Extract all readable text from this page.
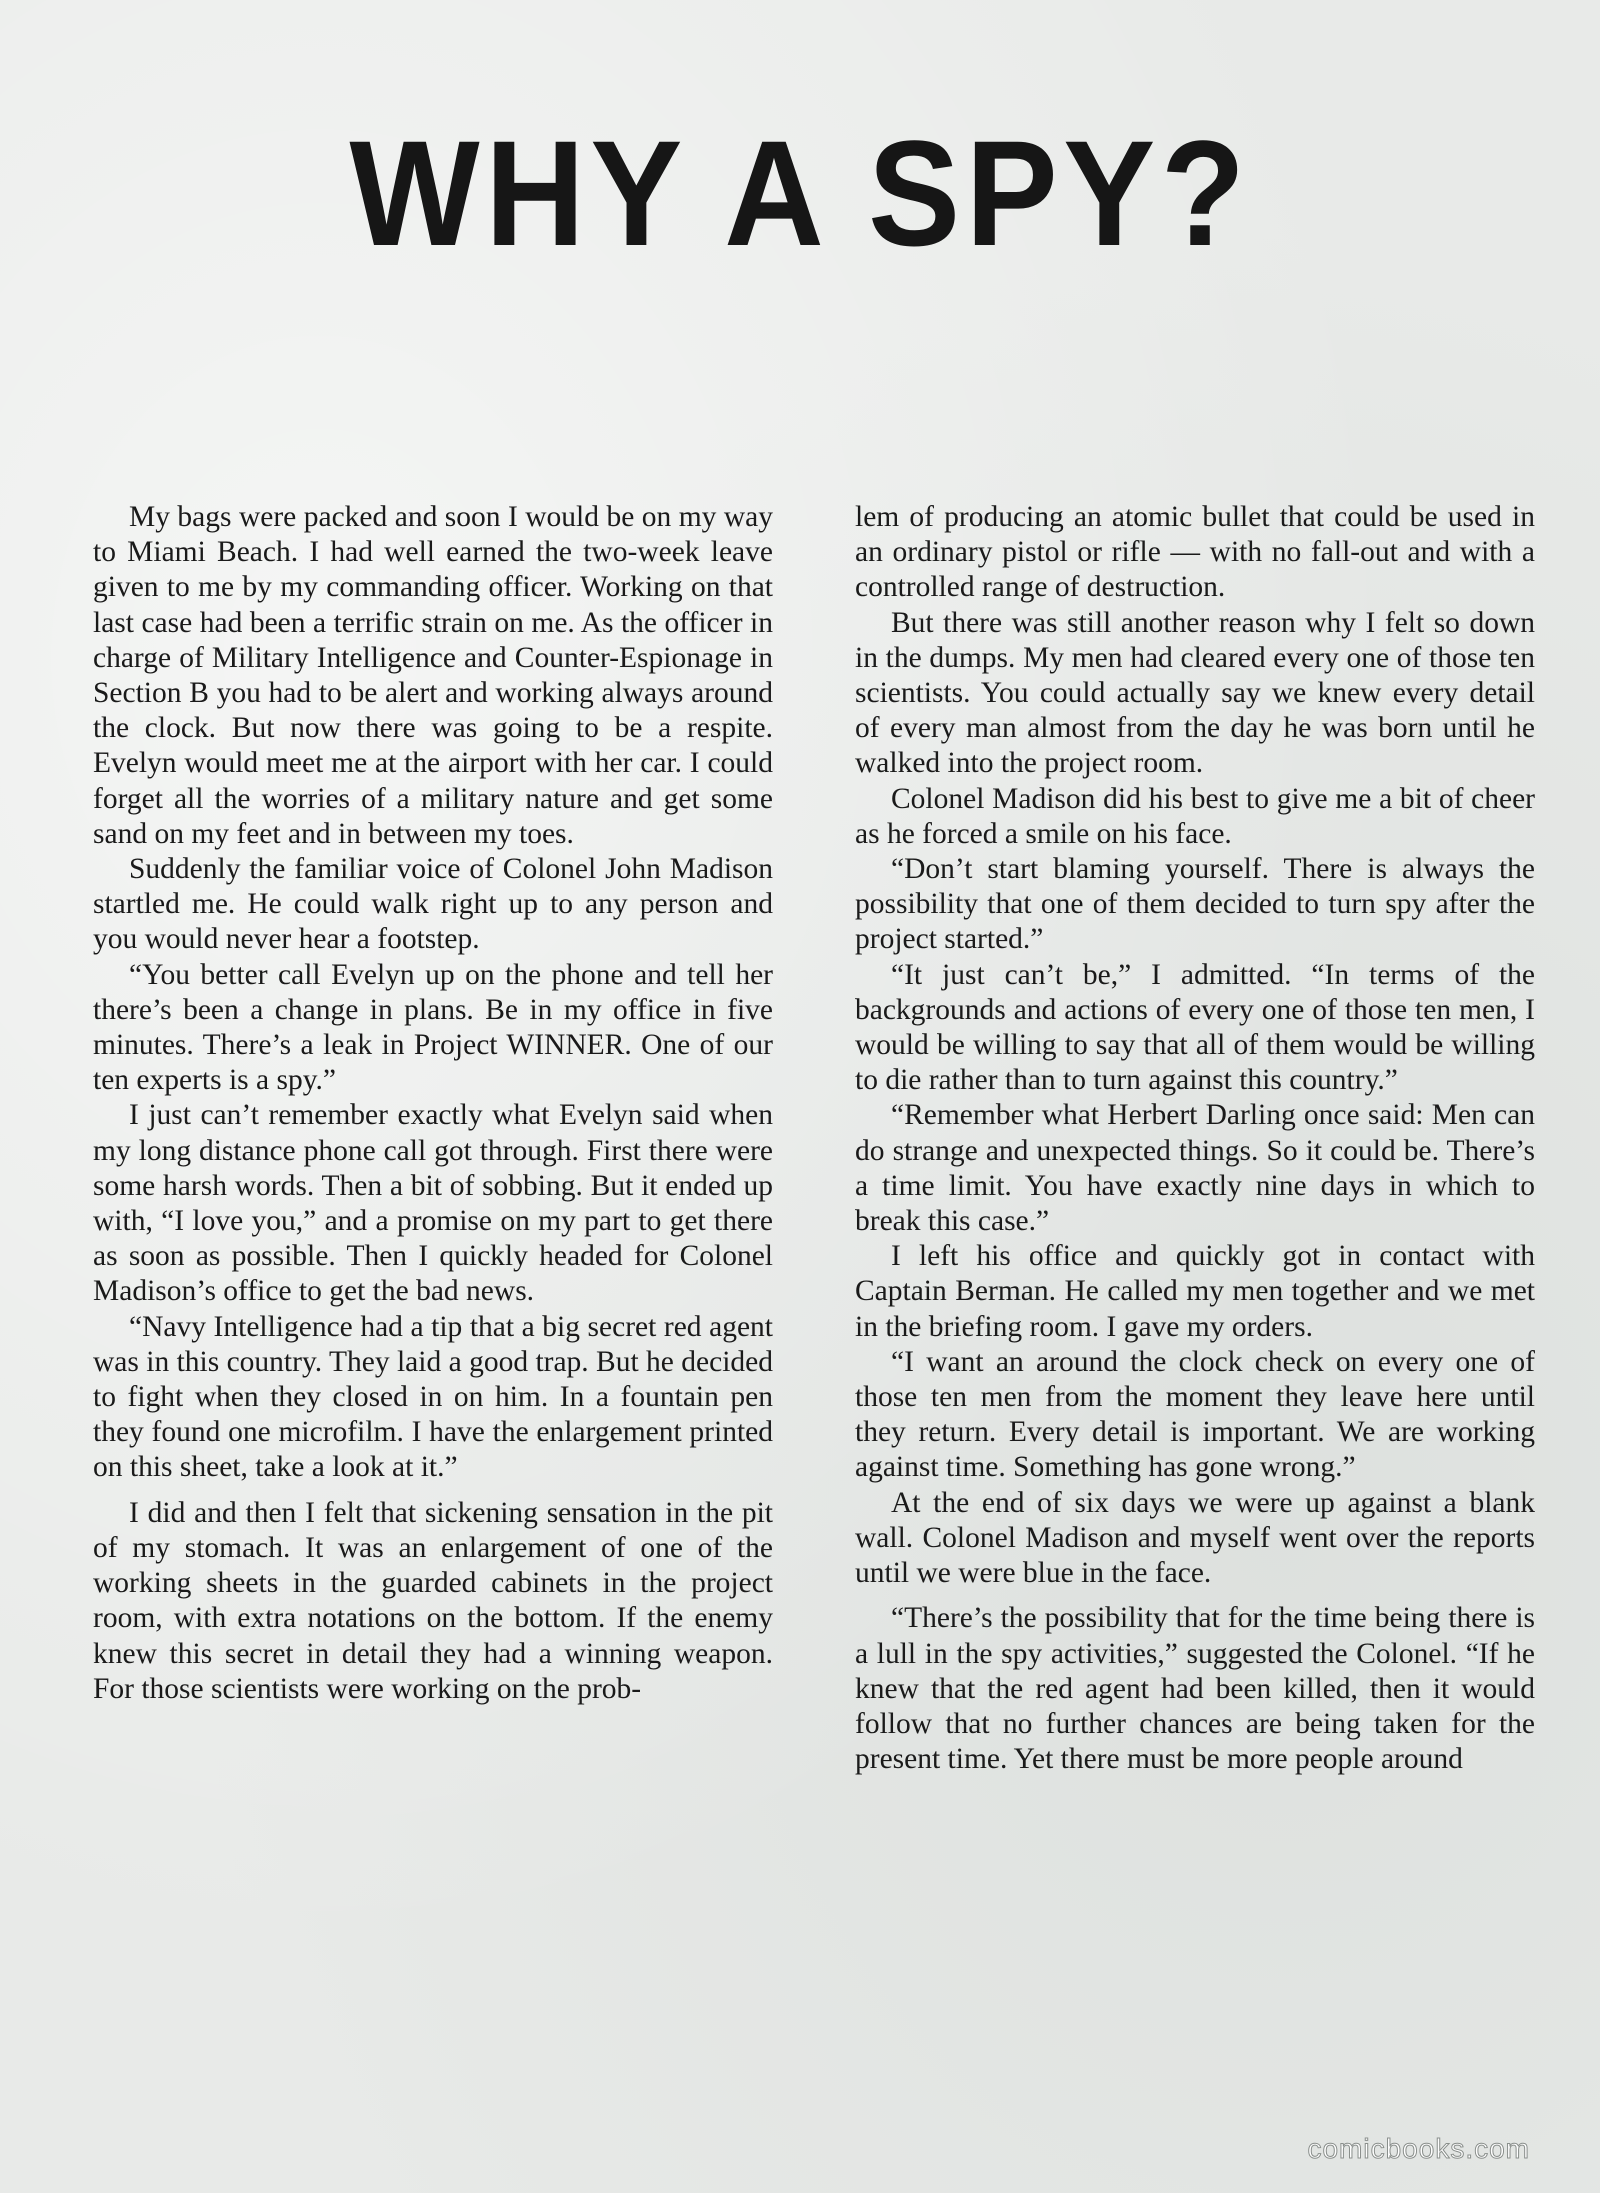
WHY A SPY?

My bags were packed and soon I would be on my way to Miami Beach. I had well earned the two-week leave given to me by my commanding officer. Working on that last case had been a terrific strain on me. As the officer in charge of Military Intelligence and Counter-Espionage in Section B you had to be alert and working always around the clock. But now there was going to be a respite. Evelyn would meet me at the airport with her car. I could forget all the worries of a military nature and get some sand on my feet and in between my toes.

Suddenly the familiar voice of Colonel John Madison startled me. He could walk right up to any person and you would never hear a footstep.

“You better call Evelyn up on the phone and tell her there’s been a change in plans. Be in my office in five minutes. There’s a leak in Project WINNER. One of our ten experts is a spy.”

I just can’t remember exactly what Evelyn said when my long distance phone call got through. First there were some harsh words. Then a bit of sobbing. But it ended up with, “I love you,” and a promise on my part to get there as soon as possible. Then I quickly headed for Colonel Madison’s office to get the bad news.

“Navy Intelligence had a tip that a big secret red agent was in this country. They laid a good trap. But he decided to fight when they closed in on him. In a fountain pen they found one microfilm. I have the enlargement printed on this sheet, take a look at it.”

I did and then I felt that sickening sensation in the pit of my stomach. It was an enlargement of one of the working sheets in the guarded cabinets in the project room, with extra notations on the bottom. If the enemy knew this secret in detail they had a winning weapon. For those scientists were working on the prob-

lem of producing an atomic bullet that could be used in an ordinary pistol or rifle — with no fall-out and with a controlled range of destruction.

But there was still another reason why I felt so down in the dumps. My men had cleared every one of those ten scientists. You could actually say we knew every detail of every man almost from the day he was born until he walked into the project room.

Colonel Madison did his best to give me a bit of cheer as he forced a smile on his face.

“Don’t start blaming yourself. There is always the possibility that one of them decided to turn spy after the project started.”

“It just can’t be,” I admitted. “In terms of the backgrounds and actions of every one of those ten men, I would be willing to say that all of them would be willing to die rather than to turn against this country.”

“Remember what Herbert Darling once said: Men can do strange and unexpected things. So it could be. There’s a time limit. You have exactly nine days in which to break this case.”

I left his office and quickly got in contact with Captain Berman. He called my men together and we met in the briefing room. I gave my orders.

“I want an around the clock check on every one of those ten men from the moment they leave here until they return. Every detail is important. We are working against time. Something has gone wrong.”

At the end of six days we were up against a blank wall. Colonel Madison and myself went over the reports until we were blue in the face.

“There’s the possibility that for the time being there is a lull in the spy activities,” suggested the Colonel. “If he knew that the red agent had been killed, then it would follow that no further chances are being taken for the present time. Yet there must be more people around

comicbooks.com
